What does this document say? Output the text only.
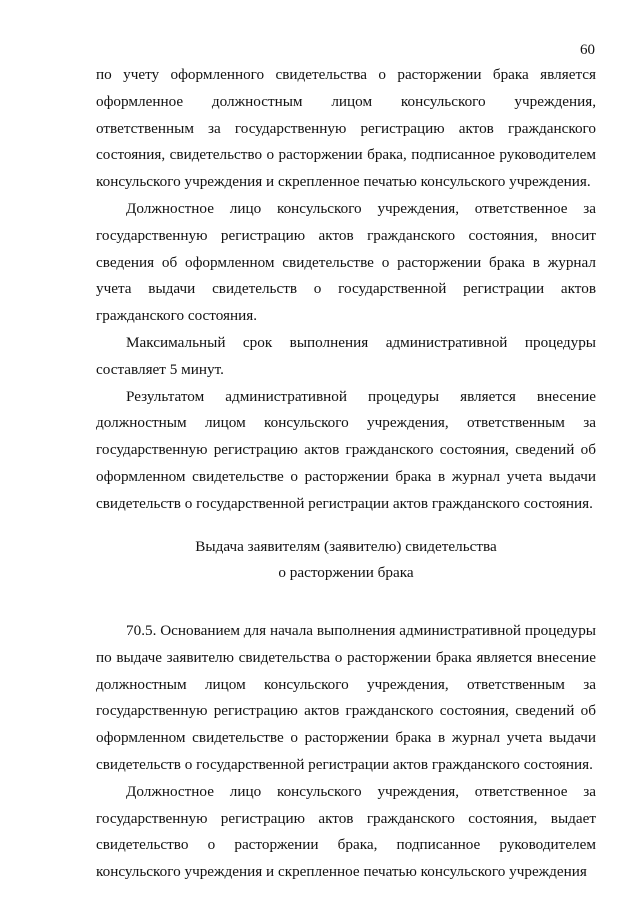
60

по учету оформленного свидетельства о расторжении брака является оформленное должностным лицом консульского учреждения, ответственным за государственную регистрацию актов гражданского состояния, свидетельство о расторжении брака, подписанное руководителем консульского учреждения и скрепленное печатью консульского учреждения.

Должностное лицо консульского учреждения, ответственное за государственную регистрацию актов гражданского состояния, вносит сведения об оформленном свидетельстве о расторжении брака в журнал учета выдачи свидетельств о государственной регистрации актов гражданского состояния.

Максимальный срок выполнения административной процедуры составляет 5 минут.

Результатом административной процедуры является внесение должностным лицом консульского учреждения, ответственным за государственную регистрацию актов гражданского состояния, сведений об оформленном свидетельстве о расторжении брака в журнал учета выдачи свидетельств о государственной регистрации актов гражданского состояния.

Выдача заявителям (заявителю) свидетельства
о расторжении брака

70.5. Основанием для начала выполнения административной процедуры по выдаче заявителю свидетельства о расторжении брака является внесение должностным лицом консульского учреждения, ответственным за государственную регистрацию актов гражданского состояния, сведений об оформленном свидетельстве о расторжении брака в журнал учета выдачи свидетельств о государственной регистрации актов гражданского состояния.

Должностное лицо консульского учреждения, ответственное за государственную регистрацию актов гражданского состояния, выдает свидетельство о расторжении брака, подписанное руководителем консульского учреждения и скрепленное печатью консульского учреждения
